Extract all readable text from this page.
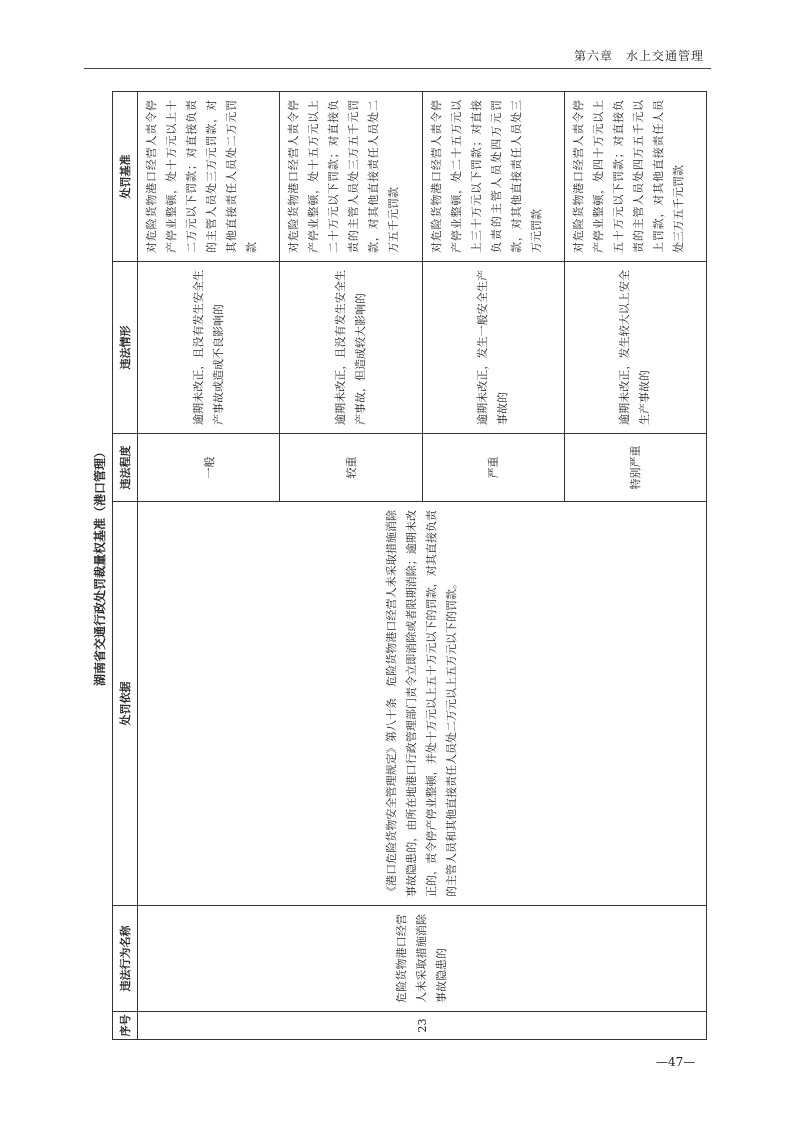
第六章　水上交通管理
湖南省交通行政处罚裁量权基准（港口管理）
序号	违法行为名称	处罚依据	违法程度	违法情形	处罚基准
23	危险货物港口经营人未采取措施消除事故隐患的	《港口危险货物安全管理规定》第八十条　危险货物港口经营人未采取措施消除事故隐患的，由所在地港口行政管理部门责令立即消除或者限期消除；逾期未改正的，责令停产停业整顿，并处十万元以上五十万元以下的罚款，对其直接负责的主管人员和其他直接责任人员处二万元以上五万元以下的罚款。	一般	逾期未改正，且没有发生安全生产事故或造成不良影响的	对危险货物港口经营人责令停产停业整顿，处十万元以上十二万元以下罚款；对直接负责的主管人员处三万元罚款，对其他直接责任人员处二万元罚款

			较重	逾期未改正，且没有发生安全生产事故，但造成较大影响的	对危险货物港口经营人责令停产停业整顿，处十五万元以上二十万元以下罚款；对直接负责的主管人员处三万五千元罚款，对其他直接责任人员处二万五千元罚款

			严重	逾期未改正，发生一般安全生产事故的	对危险货物港口经营人责令停产停业整顿，处二十五万元以上三十万元以下罚款；对直接负责的主管人员处四万元罚款，对其他直接责任人员处三万元罚款

			特别严重	逾期未改正，发生较大以上安全生产事故的	对危险货物港口经营人责令停产停业整顿，处四十万元以上五十万元以下罚款；对直接负责的主管人员处四万五千元以上罚款，对其他直接责任人员处三万五千元罚款
—47—
